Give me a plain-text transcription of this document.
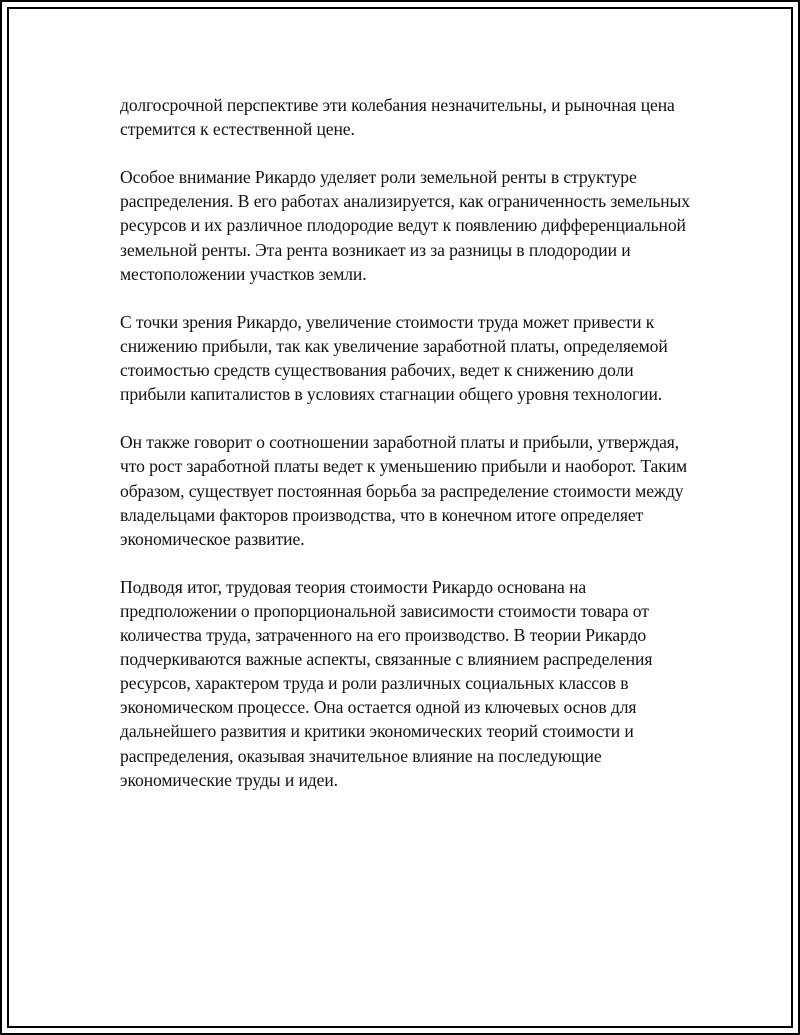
долгосрочной перспективе эти колебания незначительны, и рыночная цена стремится к естественной цене.

Особое внимание Рикардо уделяет роли земельной ренты в структуре распределения. В его работах анализируется, как ограниченность земельных ресурсов и их различное плодородие ведут к появлению дифференциальной земельной ренты. Эта рента возникает из за разницы в плодородии и местоположении участков земли.

С точки зрения Рикардо, увеличение стоимости труда может привести к снижению прибыли, так как увеличение заработной платы, определяемой стоимостью средств существования рабочих, ведет к снижению доли прибыли капиталистов в условиях стагнации общего уровня технологии.

Он также говорит о соотношении заработной платы и прибыли, утверждая, что рост заработной платы ведет к уменьшению прибыли и наоборот. Таким образом, существует постоянная борьба за распределение стоимости между владельцами факторов производства, что в конечном итоге определяет экономическое развитие.

Подводя итог, трудовая теория стоимости Рикардо основана на предположении о пропорциональной зависимости стоимости товара от количества труда, затраченного на его производство. В теории Рикардо подчеркиваются важные аспекты, связанные с влиянием распределения ресурсов, характером труда и роли различных социальных классов в экономическом процессе. Она остается одной из ключевых основ для дальнейшего развития и критики экономических теорий стоимости и распределения, оказывая значительное влияние на последующие экономические труды и идеи.
